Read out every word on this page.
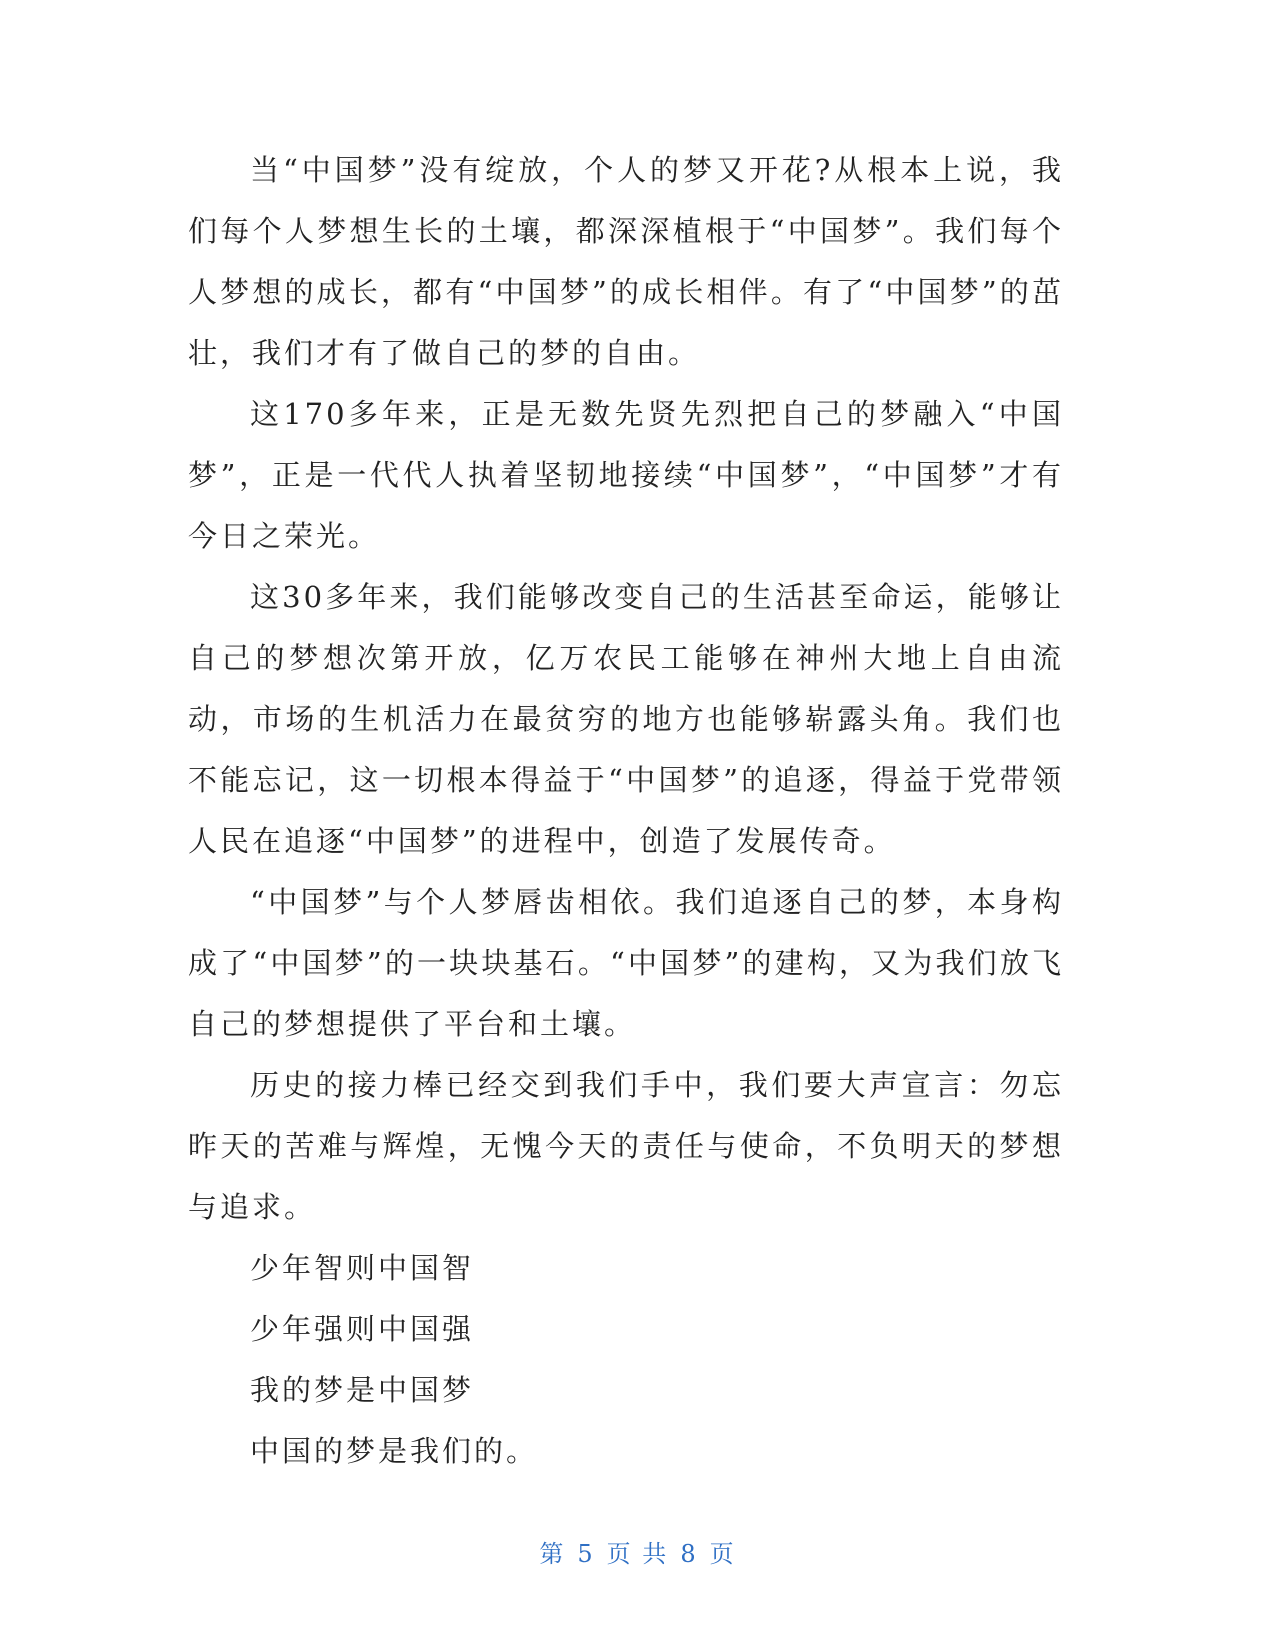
当“中国梦”没有绽放，个人的梦又开花?从根本上说，我们每个人梦想生长的土壤，都深深植根于“中国梦”。我们每个人梦想的成长，都有“中国梦”的成长相伴。有了“中国梦”的茁壮，我们才有了做自己的梦的自由。

这170多年来，正是无数先贤先烈把自己的梦融入“中国梦”，正是一代代人执着坚韧地接续“中国梦”，“中国梦”才有今日之荣光。

这30多年来，我们能够改变自己的生活甚至命运，能够让自己的梦想次第开放，亿万农民工能够在神州大地上自由流动，市场的生机活力在最贫穷的地方也能够崭露头角。我们也不能忘记，这一切根本得益于“中国梦”的追逐，得益于党带领人民在追逐“中国梦”的进程中，创造了发展传奇。

“中国梦”与个人梦唇齿相依。我们追逐自己的梦，本身构成了“中国梦”的一块块基石。“中国梦”的建构，又为我们放飞自己的梦想提供了平台和土壤。

历史的接力棒已经交到我们手中，我们要大声宣言：勿忘昨天的苦难与辉煌，无愧今天的责任与使命，不负明天的梦想与追求。

少年智则中国智

少年强则中国强

我的梦是中国梦

中国的梦是我们的。

第 5 页 共 8 页
